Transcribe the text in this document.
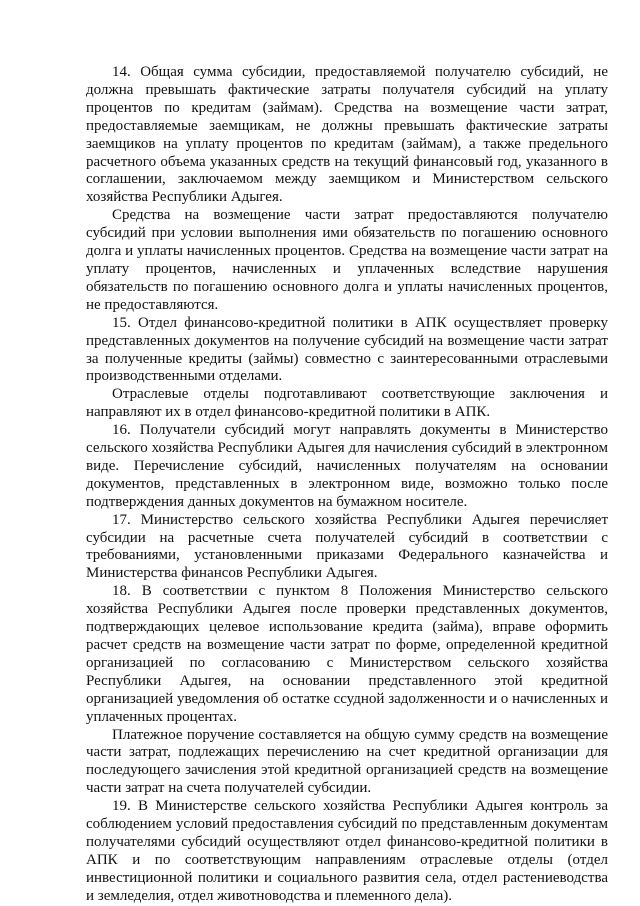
14. Общая сумма субсидии, предоставляемой получателю субсидий, не должна превышать фактические затраты получателя субсидий на уплату процентов по кредитам (займам). Средства на возмещение части затрат, предоставляемые заемщикам, не должны превышать фактические затраты заемщиков на уплату процентов по кредитам (займам), а также предельного расчетного объема указанных средств на текущий финансовый год, указанного в соглашении, заключаемом между заемщиком и Министерством сельского хозяйства Республики Адыгея.

Средства на возмещение части затрат предоставляются получателю субсидий при условии выполнения ими обязательств по погашению основного долга и уплаты начисленных процентов. Средства на возмещение части затрат на уплату процентов, начисленных и уплаченных вследствие нарушения обязательств по погашению основного долга и уплаты начисленных процентов, не предоставляются.

15. Отдел финансово-кредитной политики в АПК осуществляет проверку представленных документов на получение субсидий на возмещение части затрат за полученные кредиты (займы) совместно с заинтересованными отраслевыми производственными отделами.

Отраслевые отделы подготавливают соответствующие заключения и направляют их в отдел финансово-кредитной политики в АПК.

16. Получатели субсидий могут направлять документы в Министерство сельского хозяйства Республики Адыгея для начисления субсидий в электронном виде. Перечисление субсидий, начисленных получателям на основании документов, представленных в электронном виде, возможно только после подтверждения данных документов на бумажном носителе.

17. Министерство сельского хозяйства Республики Адыгея перечисляет субсидии на расчетные счета получателей субсидий в соответствии с требованиями, установленными приказами Федерального казначейства и Министерства финансов Республики Адыгея.

18. В соответствии с пунктом 8 Положения Министерство сельского хозяйства Республики Адыгея после проверки представленных документов, подтверждающих целевое использование кредита (займа), вправе оформить расчет средств на возмещение части затрат по форме, определенной кредитной организацией по согласованию с Министерством сельского хозяйства Республики Адыгея, на основании представленного этой кредитной организацией уведомления об остатке ссудной задолженности и о начисленных и уплаченных процентах.

Платежное поручение составляется на общую сумму средств на возмещение части затрат, подлежащих перечислению на счет кредитной организации для последующего зачисления этой кредитной организацией средств на возмещение части затрат на счета получателей субсидии.

19. В Министерстве сельского хозяйства Республики Адыгея контроль за соблюдением условий предоставления субсидий по представленным документам получателями субсидий осуществляют отдел финансово-кредитной политики в АПК и по соответствующим направлениям отраслевые отделы (отдел инвестиционной политики и социального развития села, отдел растениеводства и земледелия, отдел животноводства и племенного дела).
